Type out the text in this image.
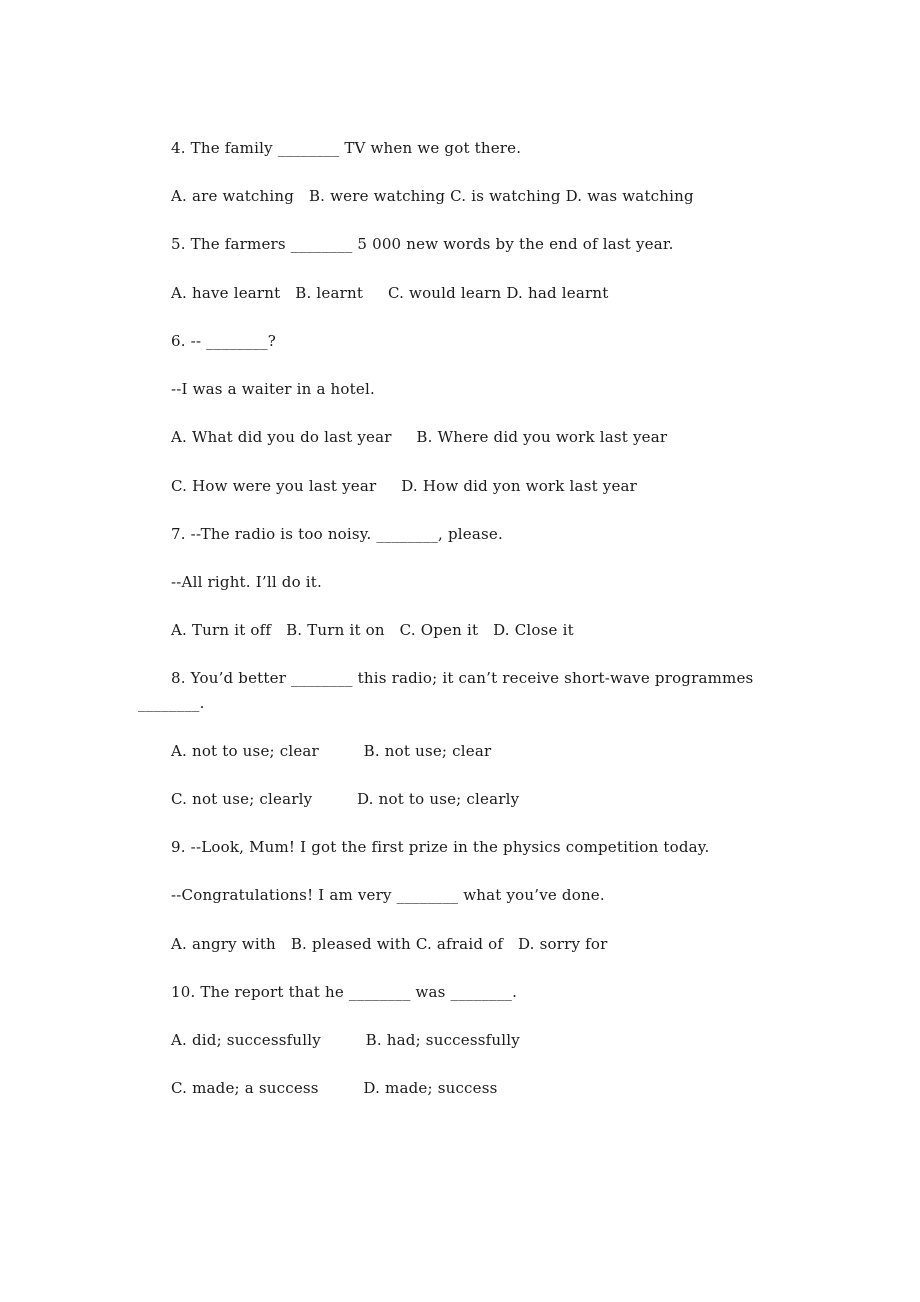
4. The family ________ TV when we got there.
A. are watching   B. were watching C. is watching D. was watching
5. The farmers ________ 5 000 new words by the end of last year.
A. have learnt   B. learnt     C. would learn D. had learnt
6. -- ________?
--I was a waiter in a hotel.
A. What did you do last year     B. Where did you work last year
C. How were you last year     D. How did yon work last year
7. --The radio is too noisy. ________, please.
--All right. I’ll do it.
A. Turn it off   B. Turn it on   C. Open it   D. Close it
8. You’d better ________ this radio; it can’t receive short-wave programmes
________.
A. not to use; clear         B. not use; clear
C. not use; clearly         D. not to use; clearly
9. --Look, Mum! I got the first prize in the physics competition today.
--Congratulations! I am very ________ what you’ve done.
A. angry with   B. pleased with C. afraid of   D. sorry for
10. The report that he ________ was ________.
A. did; successfully         B. had; successfully
C. made; a success         D. made; success
